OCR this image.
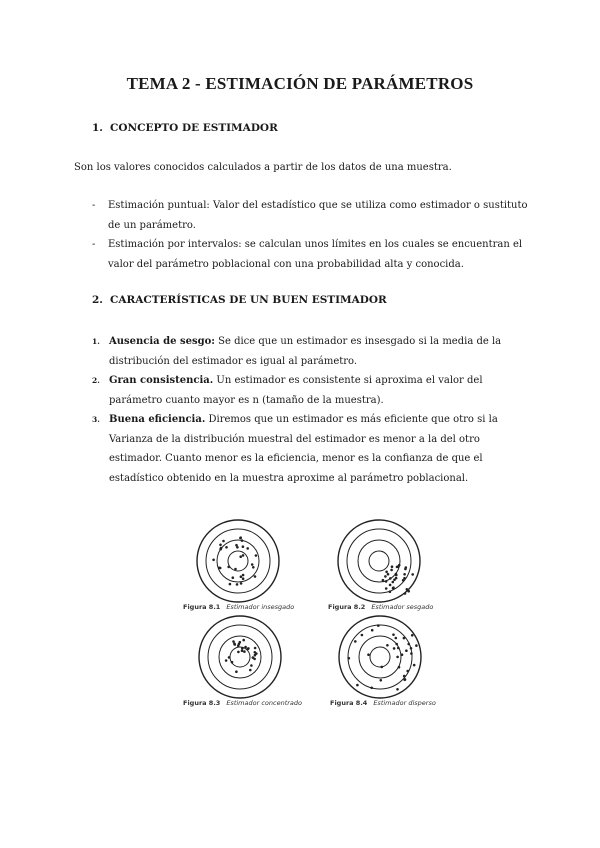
TEMA 2 - ESTIMACIÓN DE PARÁMETROS
1. CONCEPTO DE ESTIMADOR
Son los valores conocidos calculados a partir de los datos de una muestra.
- Estimación puntual: Valor del estadístico que se utiliza como estimador o sustituto de un parámetro.
- Estimación por intervalos: se calculan unos límites en los cuales se encuentran el valor del parámetro poblacional con una probabilidad alta y conocida.
2. CARACTERÍSTICAS DE UN BUEN ESTIMADOR
1. Ausencia de sesgo: Se dice que un estimador es insesgado si la media de la distribución del estimador es igual al parámetro.
2. Gran consistencia. Un estimador es consistente si aproxima el valor del parámetro cuanto mayor es n (tamaño de la muestra).
3. Buena eficiencia. Diremos que un estimador es más eficiente que otro si la Varianza de la distribución muestral del estimador es menor a la del otro estimador. Cuanto menor es la eficiencia, menor es la confianza de que el estadístico obtenido en la muestra aproxime al parámetro poblacional.
Figura 8.1 Estimador insesgado	Figura 8.2 Estimador sesgado
Figura 8.3 Estimador concentrado	Figura 8.4 Estimador disperso
